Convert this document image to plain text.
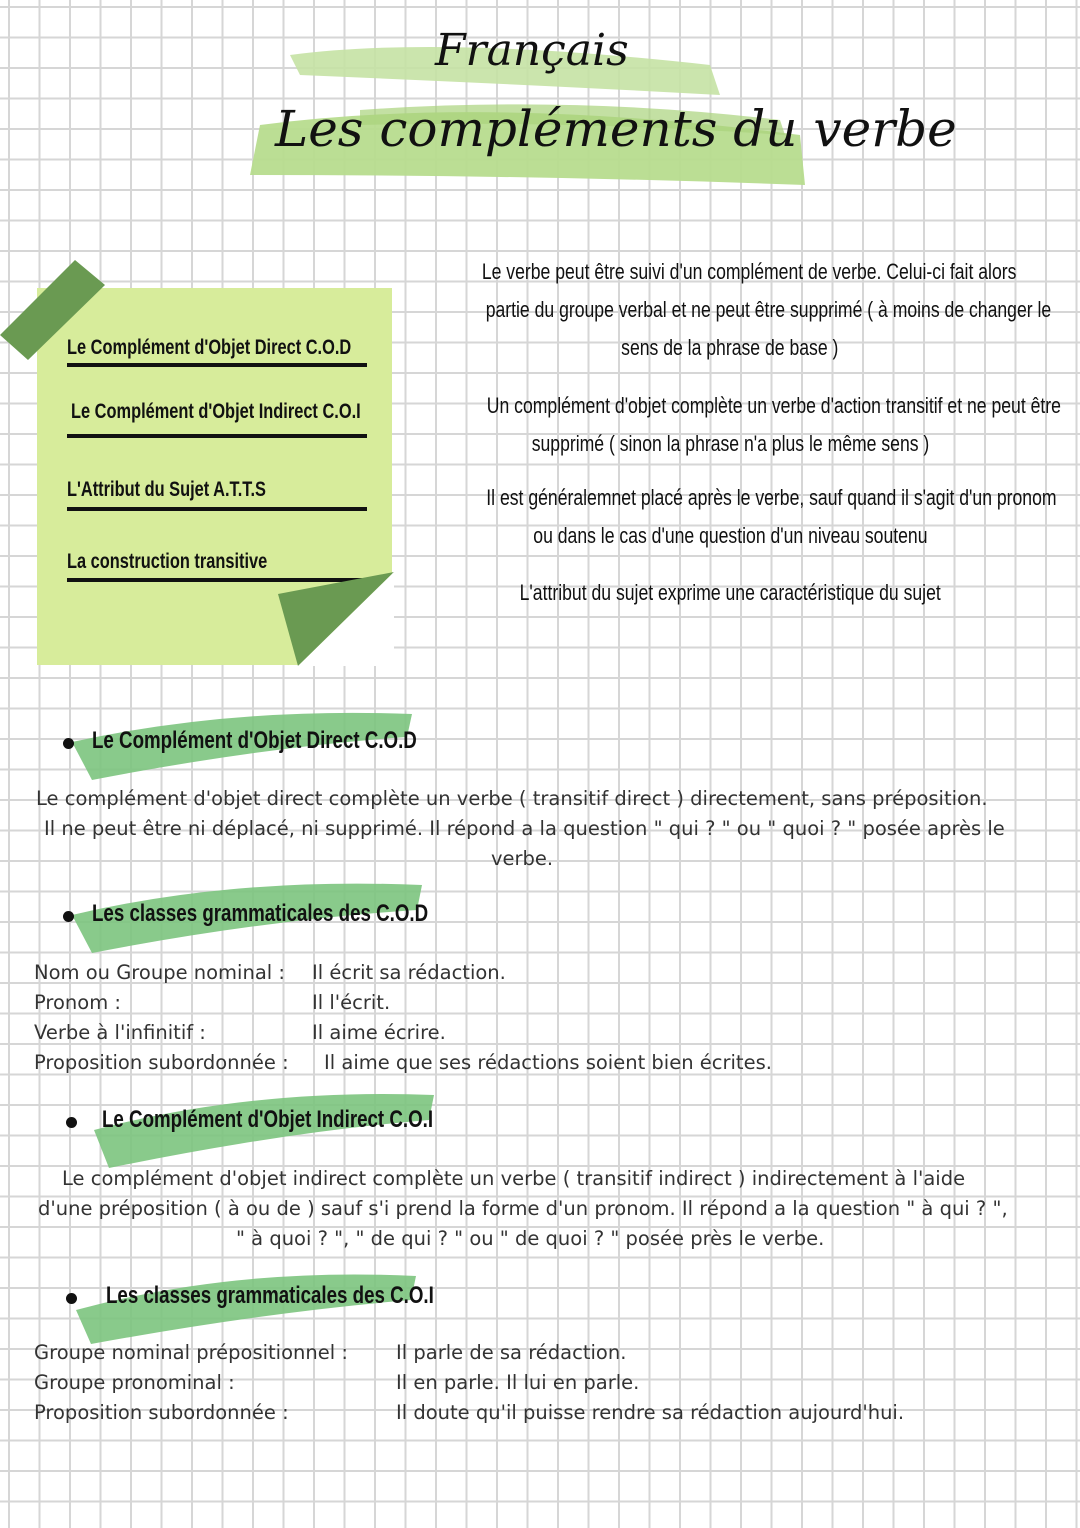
Français
Les compléments du verbe
Le Complément d'Objet Direct C.O.D
Le Complément d'Objet Indirect C.O.I
L'Attribut du Sujet A.T.T.S
La construction transitive

Le verbe peut être suivi d'un complément de verbe. Celui-ci fait alors

partie du groupe verbal et ne peut être supprimé ( à moins de changer le

sens de la phrase de base )

Un complément d'objet complète un verbe d'action transitif et ne peut être

supprimé ( sinon la phrase n'a plus le même sens )

Il est généralemnet placé après le verbe, sauf quand il s'agit d'un pronom

ou dans le cas d'une question d'un niveau soutenu

L'attribut du sujet exprime une caractéristique du sujet

Le Complément d'Objet Direct C.O.D
Le complément d'objet direct complète un verbe ( transitif direct ) directement, sans préposition.
Il ne peut être ni déplacé, ni supprimé. Il répond a la question " qui ? " ou " quoi ? " posée après le
verbe.
Les classes grammaticales des C.O.D
Nom ou Groupe nominal : Il écrit sa rédaction.
Pronom :	Il l'écrit.
Verbe à l'infinitif :	Il aime écrire.
Proposition subordonnée : Il aime que ses rédactions soient bien écrites.
Le Complément d'Objet Indirect C.O.I
Le complément d'objet indirect complète un verbe ( transitif indirect ) indirectement à l'aide
d'une préposition ( à ou de ) sauf s'i prend la forme d'un pronom. Il répond a la question " à qui ? ",
" à quoi ? ", " de qui ? " ou " de quoi ? " posée près le verbe.
Les classes grammaticales des C.O.I
Groupe nominal prépositionnel : Il parle de sa rédaction.
Groupe pronominal :	Il en parle. Il lui en parle.
Proposition subordonnée :	Il doute qu'il puisse rendre sa rédaction aujourd'hui.
